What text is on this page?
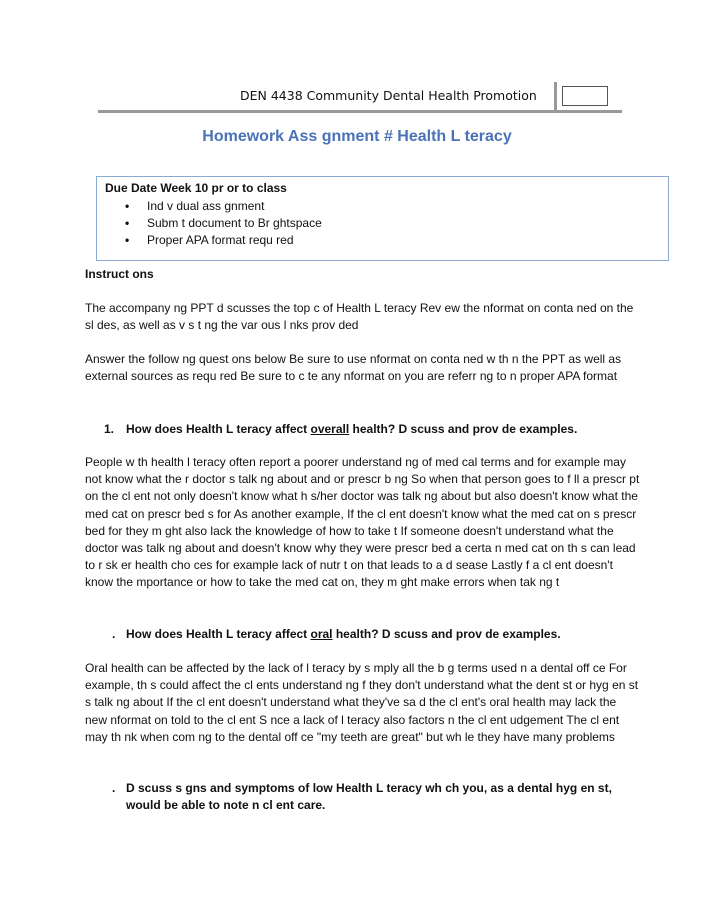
DEN 4438 Community Dental Health Promotion
Homework Ass gnment # Health L teracy
Due Date Week 10 pr or to class
• Ind v dual ass gnment
• Subm t document to Br ghtspace
• Proper APA format requ red
Instruct ons
The accompany ng PPT d scusses the top c of Health L teracy Rev ew the nformat on conta ned on the sl des, as well as v s t ng the var ous l nks prov ded
Answer the follow ng quest ons below Be sure to use nformat on conta ned w th n the PPT as well as external sources as requ red Be sure to c te any nformat on you are referr ng to n proper APA format
1. How does Health L teracy affect overall health? D scuss and prov de examples.
People w th health l teracy often report a poorer understand ng of med cal terms and for example may not know what the r doctor s talk ng about and or prescr b ng So when that person goes to f ll a prescr pt on the cl ent not only doesn't know what h s/her doctor was talk ng about but also doesn't know what the med cat on prescr bed s for As another example, If the cl ent doesn't know what the med cat on s prescr bed for they m ght also lack the knowledge of how to take t If someone doesn't understand what the doctor was talk ng about and doesn't know why they were prescr bed a certa n med cat on th s can lead to r sk er health cho ces for example lack of nutr t on that leads to a d sease Lastly f a cl ent doesn't know the mportance or how to take the med cat on, they m ght make errors when tak ng t
. How does Health L teracy affect oral health? D scuss and prov de examples.
Oral health can be affected by the lack of l teracy by s mply all the b g terms used n a dental off ce For example, th s could affect the cl ents understand ng f they don't understand what the dent st or hyg en st s talk ng about If the cl ent doesn't understand what they've sa d the cl ent's oral health may lack the new nformat on told to the cl ent S nce a lack of l teracy also factors n the cl ent udgement The cl ent may th nk when com ng to the dental off ce "my teeth are great" but wh le they have many problems
. D scuss s gns and symptoms of low Health L teracy wh ch you, as a dental hyg en st, would be able to note n cl ent care.
